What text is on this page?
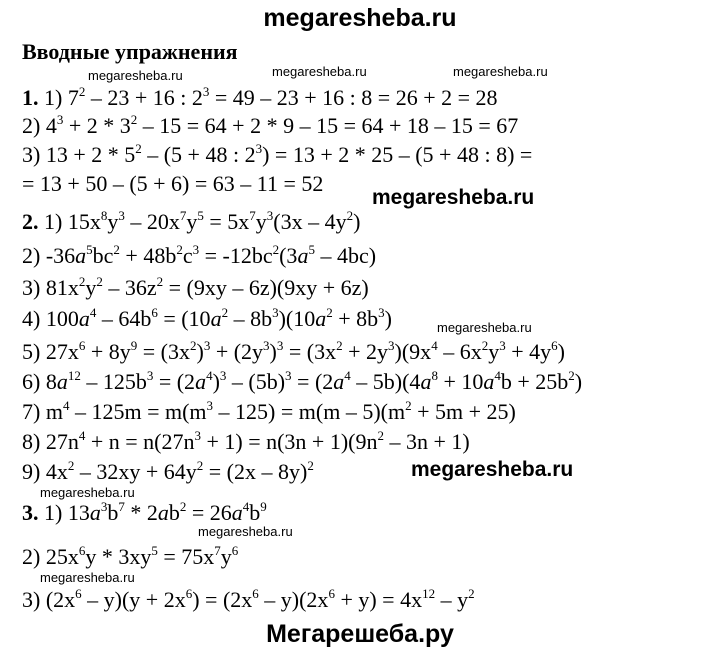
megaresheba.ru
Вводные упражнения
megaresheba.ru	megaresheba.ru	megaresheba.ru
megaresheba.ru
megaresheba.ru
megaresheba.ru
megaresheba.ru
megaresheba.ru
megaresheba.ru
1. 1) $7^2 - 23 + 16$ : $2^3 = 49 - 23 + 16$ : 8 = 26 + 2 = 28
2) $4^3 + 2 * 3^2 - 15 = 64 + 2 * 9 - 15 = 64 + 18 - 15 = 67$
3) $13 + 2 * 5^2 - (5 + 48$ : $2^3) = 13 + 2 * 25 - (5 + 48$ : 8) =
= 13 + 50 – (5 + 6) = 63 – 11 = 52
2. 1) $15x^8y^3 - 20x^7y^5 = 5x^7y^3(3x - 4y^2)$
2) $-36a^5bc^2 + 48b^2c^3 = -12bc^2(3a^5 - 4bc)$
3) $81x^2y^2 - 36z^2 = (9xy - 6z)(9xy + 6z)$
4) $100a^4 - 64b^6 = (10a^2 - 8b^3)(10a^2 + 8b^3)$
5) $27x^6 + 8y^9 = (3x^2)^3 + (2y^3)^3 = (3x^2 + 2y^3)(9x^4 - 6x^2y^3 + 4y^6)$
6) $8a^{12} - 125b^3 = (2a^4)^3 - (5b)^3 = (2a^4 - 5b)(4a^8 + 10a^4b + 25b^2)$
7) $m^4 - 125m = m(m^3 - 125) = m(m - 5)(m^2 + 5m + 25)$
8) $27n^4 + n = n(27n^3 + 1) = n(3n + 1)(9n^2 - 3n + 1)$
9) $4x^2 - 32xy + 64y^2 = (2x - 8y)^2$
3. 1) $13a^3b^7 * 2ab^2 = 26a^4b^9$
2) $25x^6y * 3xy^5 = 75x^7y^6$
3) $(2x^6 - y)(y + 2x^6) = (2x^6 - y)(2x^6 + y) = 4x^{12} - y^2$
Мегарешеба.ру
